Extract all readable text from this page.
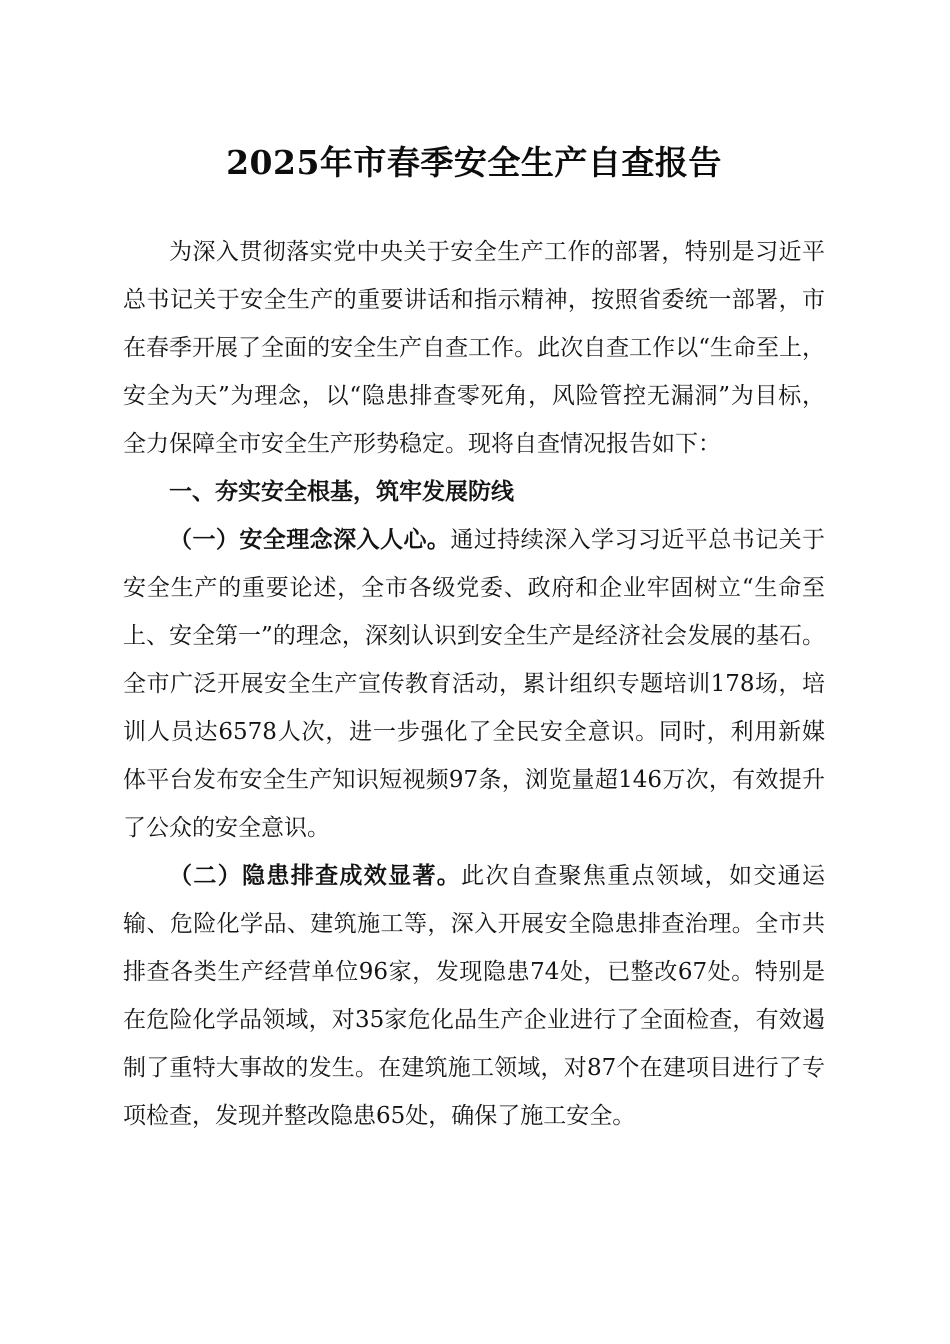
2025年市春季安全生产自查报告

为深入贯彻落实党中央关于安全生产工作的部署，特别是习近平总书记关于安全生产的重要讲话和指示精神，按照省委统一部署，市在春季开展了全面的安全生产自查工作。此次自查工作以“生命至上，安全为天”为理念，以“隐患排查零死角，风险管控无漏洞”为目标，全力保障全市安全生产形势稳定。现将自查情况报告如下：

一、夯实安全根基，筑牢发展防线

（一）安全理念深入人心。通过持续深入学习习近平总书记关于安全生产的重要论述，全市各级党委、政府和企业牢固树立“生命至上、安全第一”的理念，深刻认识到安全生产是经济社会发展的基石。全市广泛开展安全生产宣传教育活动，累计组织专题培训178场，培训人员达6578人次，进一步强化了全民安全意识。同时，利用新媒体平台发布安全生产知识短视频97条，浏览量超146万次，有效提升了公众的安全意识。

（二）隐患排查成效显著。此次自查聚焦重点领域，如交通运输、危险化学品、建筑施工等，深入开展安全隐患排查治理。全市共排查各类生产经营单位96家，发现隐患74处，已整改67处。特别是在危险化学品领域，对35家危化品生产企业进行了全面检查，有效遏制了重特大事故的发生。在建筑施工领域，对87个在建项目进行了专项检查，发现并整改隐患65处，确保了施工安全。
